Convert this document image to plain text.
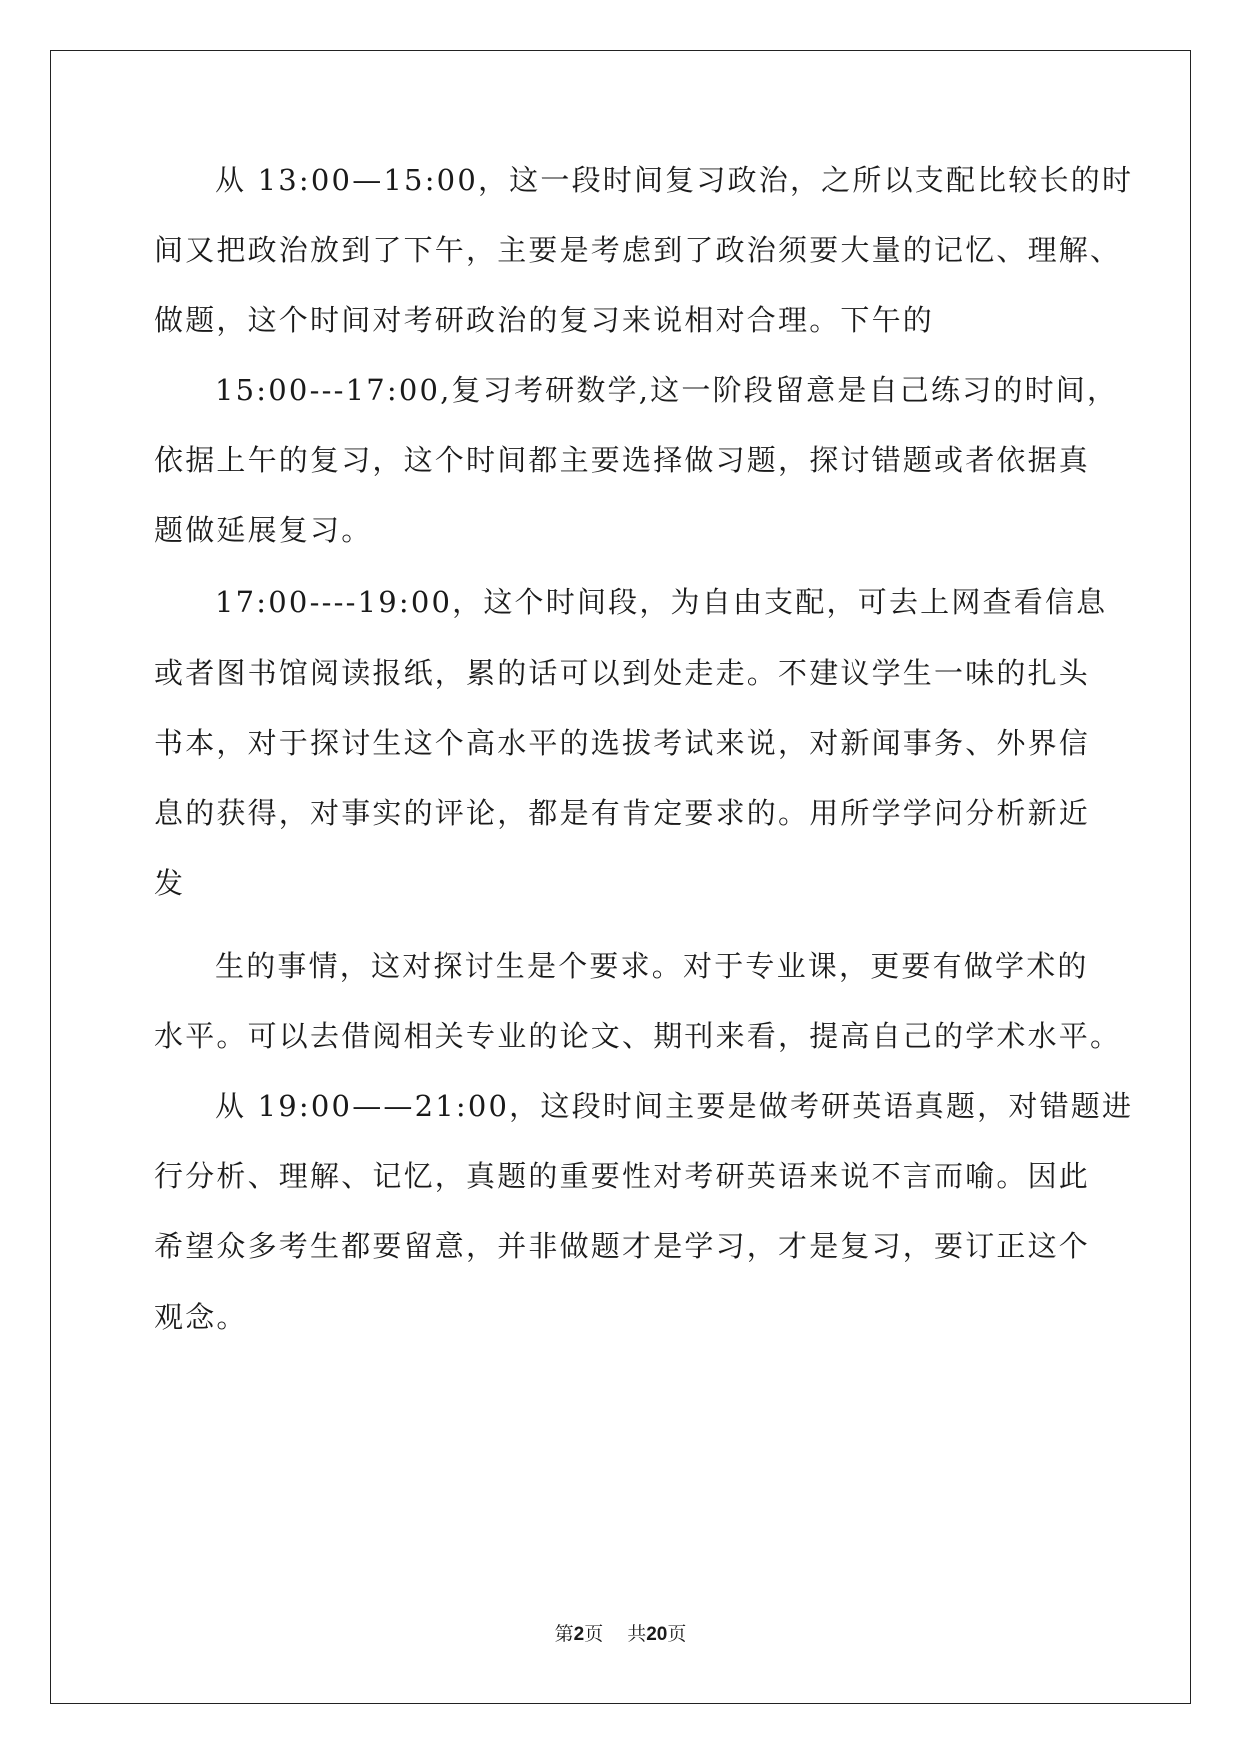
从 13:00—15:00，这一段时间复习政治，之所以支配比较长的时
间又把政治放到了下午，主要是考虑到了政治须要大量的记忆、理解、
做题，这个时间对考研政治的复习来说相对合理。下午的
15:00---17:00,复习考研数学,这一阶段留意是自己练习的时间，
依据上午的复习，这个时间都主要选择做习题，探讨错题或者依据真
题做延展复习。
17:00----19:00，这个时间段，为自由支配，可去上网查看信息
或者图书馆阅读报纸，累的话可以到处走走。不建议学生一味的扎头
书本，对于探讨生这个高水平的选拔考试来说，对新闻事务、外界信
息的获得，对事实的评论，都是有肯定要求的。用所学学问分析新近
发
生的事情，这对探讨生是个要求。对于专业课，更要有做学术的
水平。可以去借阅相关专业的论文、期刊来看，提高自己的学术水平。
从 19:00——21:00，这段时间主要是做考研英语真题，对错题进
行分析、理解、记忆，真题的重要性对考研英语来说不言而喻。因此
希望众多考生都要留意，并非做题才是学习，才是复习，要订正这个
观念。
第2页 共20页
